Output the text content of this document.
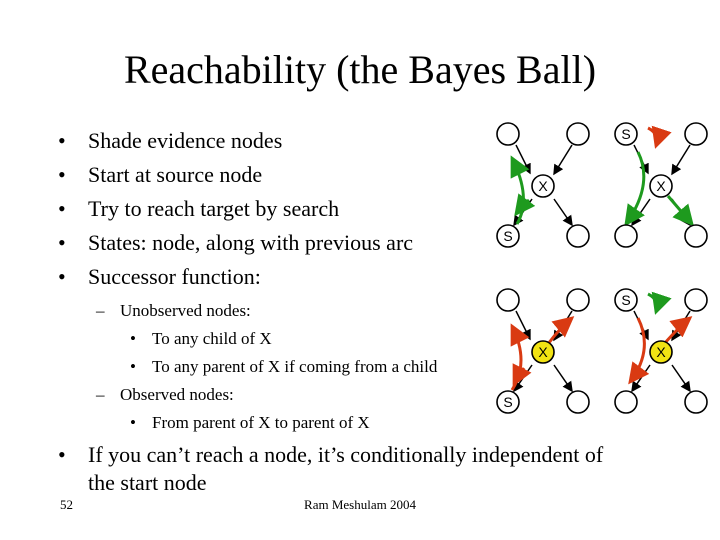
Reachability (the Bayes Ball)
• Shade evidence nodes
• Start at source node
• Try to reach target by search
• States: node, along with previous arc
• Successor function:

– Unobserved nodes:

• To any child of X

• To any parent of X if coming from a child

– Observed nodes:

• From parent of X to parent of X

• If you can’t reach a node, it’s conditionally independent of
the start node
52	Ram Meshulam 2004
X
S
S
X
X
S
S
X
